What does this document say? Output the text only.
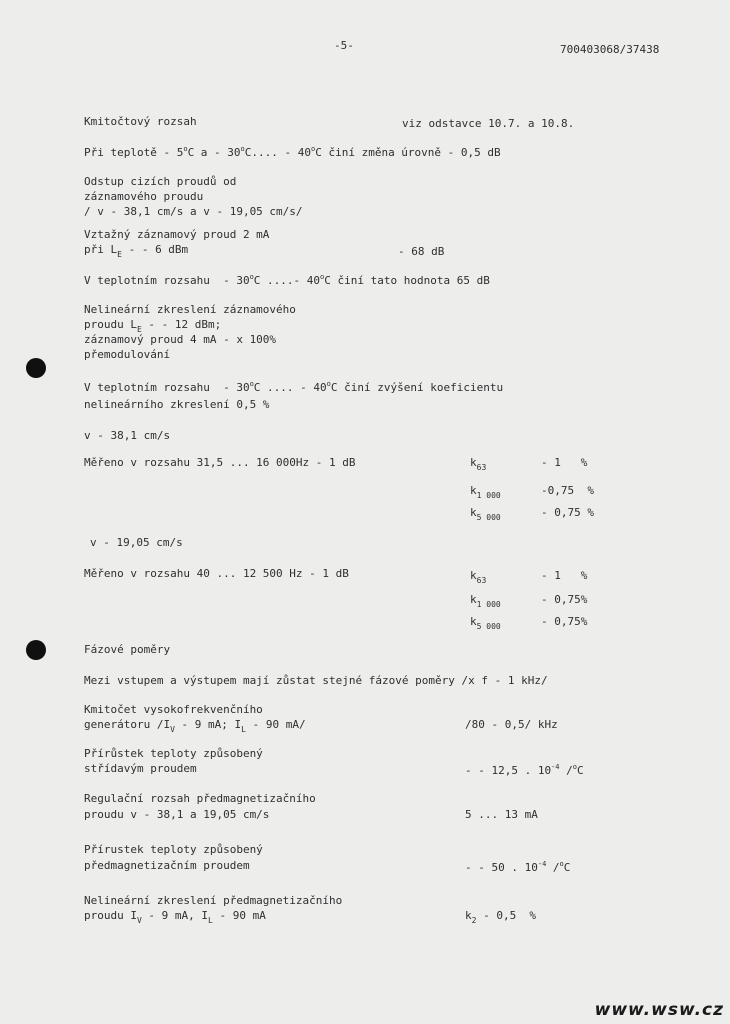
-5-	700403068/37438
Kmitočtový rozsah	viz odstavce 10.7. a 10.8.
Při teplotě - 5$^o$C a - 30$^o$C.... - 40$^o$C činí změna úrovně - 0,5 dB
Odstup cizích proudů od
záznamového proudu
/ v - 38,1 cm/s a v - 19,05 cm/s/
Vztažný záznamový proud 2 mA
při $L_E$ - - 6 dBm	- 68 dB
V teplotním rozsahu  - 30$^o$C ....- 40$^o$C činí tato hodnota 65 dB
Nelineární zkreslení záznamového
proudu $L_E$ - - 12 dBm;
záznamový proud 4 mA - x 100%
přemodulování
V teplotním rozsahu  - 30$^o$C .... - 40$^o$C činí zvýšení koeficientu
nelineárního zkreslení 0,5 %
v - 38,1 cm/s
Měřeno v rozsahu 31,5 ... 16 000Hz - 1 dB	$k_{63}$	- 1   %
$k_{1 000}$	-0,75  %
$k_{5 000}$	- 0,75 %
v - 19,05 cm/s
Měřeno v rozsahu 40 ... 12 500 Hz - 1 dB	$k_{63}$	- 1   %
$k_{1 000}$	- 0,75%
$k_{5 000}$	- 0,75%
Fázové poměry
Mezi vstupem a výstupem mají zůstat stejné fázové poměry /x f - 1 kHz/
Kmitočet vysokofrekvenčního
generátoru $/I_V - 9$ mA; $I_L - 90$ mA/	/80 - 0,5/ kHz
Přírůstek teploty způsobený
střídavým proudem	- - 12,5 . $10^{-4}$ /$^o$C
Regulační rozsah předmagnetizačního
proudu v - 38,1 a 19,05 cm/s	5 ... 13 mA
Přírustek teploty způsobený
předmagnetizačním proudem	- - 50 . $10^{-4}$ /$^o$C
Nelineární zkreslení předmagnetizačního
proudu $I_V - 9$ mA, $I_L - 90$ mA	$k_2 - 0,5$  %
www.wsw.cz
